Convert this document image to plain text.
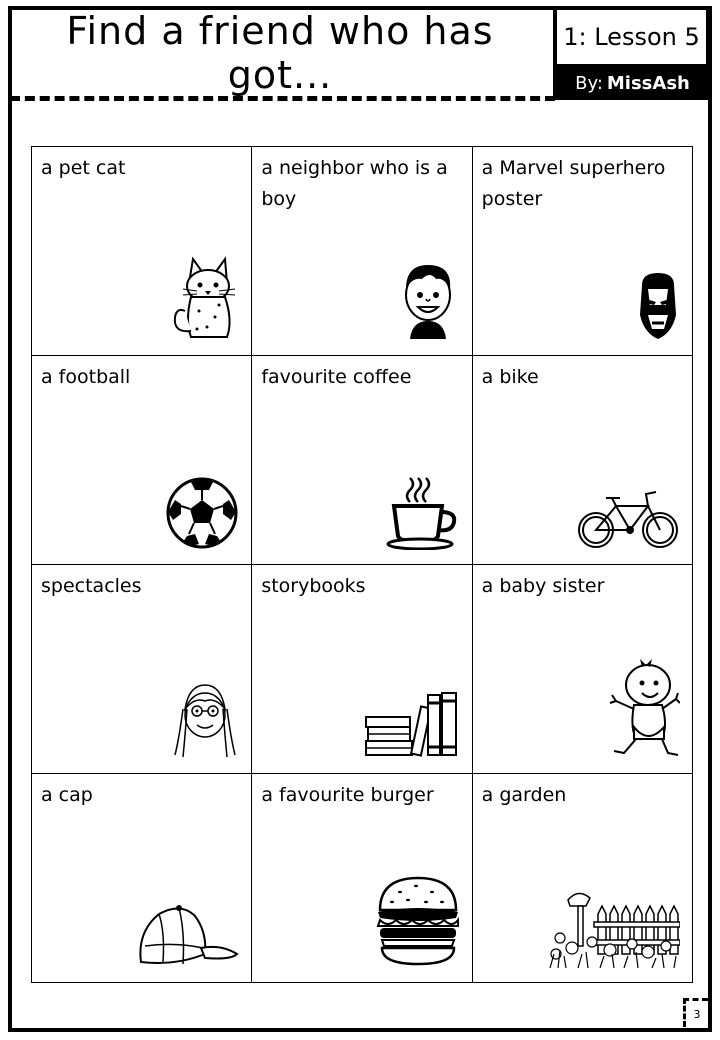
Find a friend who has
got...
1: Lesson 5
By: MissAsh
a pet cat	a neighbor who is a boy	a Marvel superhero poster

a football	favourite coffee	a bike

spectacles	storybooks	a baby sister

a cap	a favourite burger	a garden
3
